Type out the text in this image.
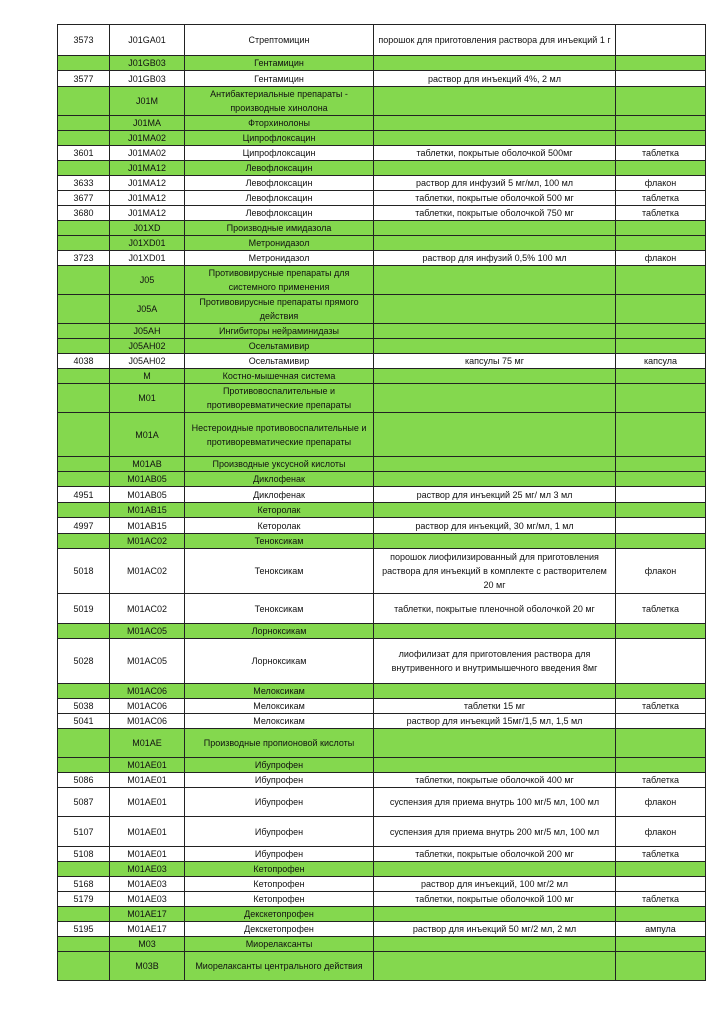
3573	J01GA01	Стрептомицин	порошок для приготовления раствора для инъекций 1 г	
	J01GB03	Гентамицин		
3577	J01GB03	Гентамицин	раствор для инъекций 4%, 2 мл	
	J01M	Антибактериальные препараты - производные хинолона		
	J01MA	Фторхинолоны		
	J01MA02	Ципрофлоксацин		
3601	J01MA02	Ципрофлоксацин	таблетки, покрытые оболочкой 500мг	таблетка
	J01MA12	Левофлоксацин		
3633	J01MA12	Левофлоксацин	раствор для инфузий 5 мг/мл, 100 мл	флакон
3677	J01MA12	Левофлоксацин	таблетки, покрытые оболочкой 500 мг	таблетка
3680	J01MA12	Левофлоксацин	таблетки, покрытые оболочкой 750 мг	таблетка
	J01XD	Производные имидазола		
	J01XD01	Метронидазол		
3723	J01XD01	Метронидазол	раствор для инфузий 0,5% 100 мл	флакон
	J05	Противовирусные препараты для системного применения		
	J05A	Противовирусные препараты прямого действия		
	J05AH	Ингибиторы нейраминидазы		
	J05AH02	Осельтамивир		
4038	J05AH02	Осельтамивир	капсулы 75 мг	капсула
	M	Костно-мышечная система		
	M01	Противовоспалительные и противоревматические препараты		
	M01A	Нестероидные противовоспалительные и противоревматические препараты		
	M01AB	Производные уксусной кислоты		
	M01AB05	Диклофенак		
4951	M01AB05	Диклофенак	раствор для инъекций 25 мг/ мл 3 мл	
	M01AB15	Кеторолак		
4997	M01AB15	Кеторолак	раствор для инъекций, 30 мг/мл, 1 мл	
	M01AC02	Теноксикам		
5018	M01AC02	Теноксикам	порошок лиофилизированный для приготовления раствора для инъекций в комплекте с растворителем 20 мг	флакон
5019	M01AC02	Теноксикам	таблетки, покрытые пленочной оболочкой 20 мг	таблетка
	M01AC05	Лорноксикам		
5028	M01AC05	Лорноксикам	лиофилизат для приготовления раствора для внутривенного и внутримышечного введения 8мг	
	M01AC06	Мелоксикам		
5038	M01AC06	Мелоксикам	таблетки 15 мг	таблетка
5041	M01AC06	Мелоксикам	раствор для инъекций 15мг/1,5 мл, 1,5 мл	
	M01AE	Производные пропионовой кислоты		
	M01AE01	Ибупрофен		
5086	M01AE01	Ибупрофен	таблетки, покрытые оболочкой 400 мг	таблетка
5087	M01AE01	Ибупрофен	суспензия для приема внутрь 100 мг/5 мл, 100 мл	флакон
5107	M01AE01	Ибупрофен	суспензия для приема внутрь 200 мг/5 мл, 100 мл	флакон
5108	M01AE01	Ибупрофен	таблетки, покрытые оболочкой 200 мг	таблетка
	M01AE03	Кетопрофен		
5168	M01AE03	Кетопрофен	раствор для инъекций, 100 мг/2 мл	
5179	M01AE03	Кетопрофен	таблетки, покрытые оболочкой 100 мг	таблетка
	M01AE17	Декскетопрофен		
5195	M01AE17	Декскетопрофен	раствор для инъекций 50 мг/2 мл, 2 мл	ампула
	M03	Миорелаксанты		
	M03B	Миорелаксанты центрального действия		
